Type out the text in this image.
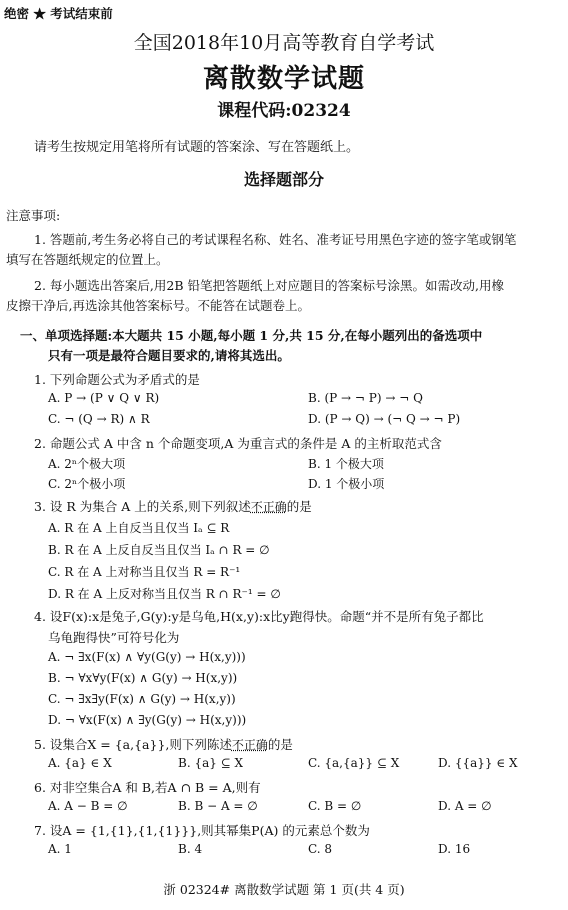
绝密 ★ 考试结束前
全国2018年10月高等教育自学考试
离散数学试题
课程代码:02324
请考生按规定用笔将所有试题的答案涂、写在答题纸上。
选择题部分
注意事项:
1. 答题前,考生务必将自己的考试课程名称、姓名、准考证号用黑色字迹的签字笔或钢笔
填写在答题纸规定的位置上。
2. 每小题选出答案后,用2B 铅笔把答题纸上对应题目的答案标号涂黑。如需改动,用橡
皮擦干净后,再选涂其他答案标号。不能答在试题卷上。
一、单项选择题:本大题共 15 小题,每小题 1 分,共 15 分,在每小题列出的备选项中
只有一项是最符合题目要求的,请将其选出。
1. 下列命题公式为矛盾式的是
A. P → (P ∨ Q ∨ R)	B. (P → ¬ P) → ¬ Q
C. ¬ (Q → R) ∧ R	D. (P → Q) → (¬ Q → ¬ P)
2. 命题公式 A 中含 n 个命题变项,A 为重言式的条件是 A 的主析取范式含
A. 2ⁿ个极大项	B. 1 个极大项
C. 2ⁿ个极小项	D. 1 个极小项
3. 设 R 为集合 A 上的关系,则下列叙述不正确的是
A. R 在 A 上自反当且仅当 Iₐ ⊆ R
B. R 在 A 上反自反当且仅当 Iₐ ∩ R = ∅
C. R 在 A 上对称当且仅当 R = R⁻¹
D. R 在 A 上反对称当且仅当 R ∩ R⁻¹ = ∅
4. 设F(x):x是兔子,G(y):y是乌龟,H(x,y):x比y跑得快。命题“并不是所有兔子都比
乌龟跑得快”可符号化为
A. ¬ ∃x(F(x) ∧ ∀y(G(y) → H(x,y)))
B. ¬ ∀x∀y(F(x) ∧ G(y) → H(x,y))
C. ¬ ∃x∃y(F(x) ∧ G(y) → H(x,y))
D. ¬ ∀x(F(x) ∧ ∃y(G(y) → H(x,y)))
5. 设集合X = {a,{a}},则下列陈述不正确的是
A. {a} ∈ X	B. {a} ⊆ X	C. {a,{a}} ⊆ X	D. {{a}} ∈ X
6. 对非空集合A 和 B,若A ∩ B = A,则有
A. A − B = ∅	B. B − A = ∅	C. B = ∅	D. A = ∅
7. 设A = {1,{1},{1,{1}}},则其幂集P(A) 的元素总个数为
A. 1	B. 4	C. 8	D. 16
浙 02324# 离散数学试题 第 1 页(共 4 页)
